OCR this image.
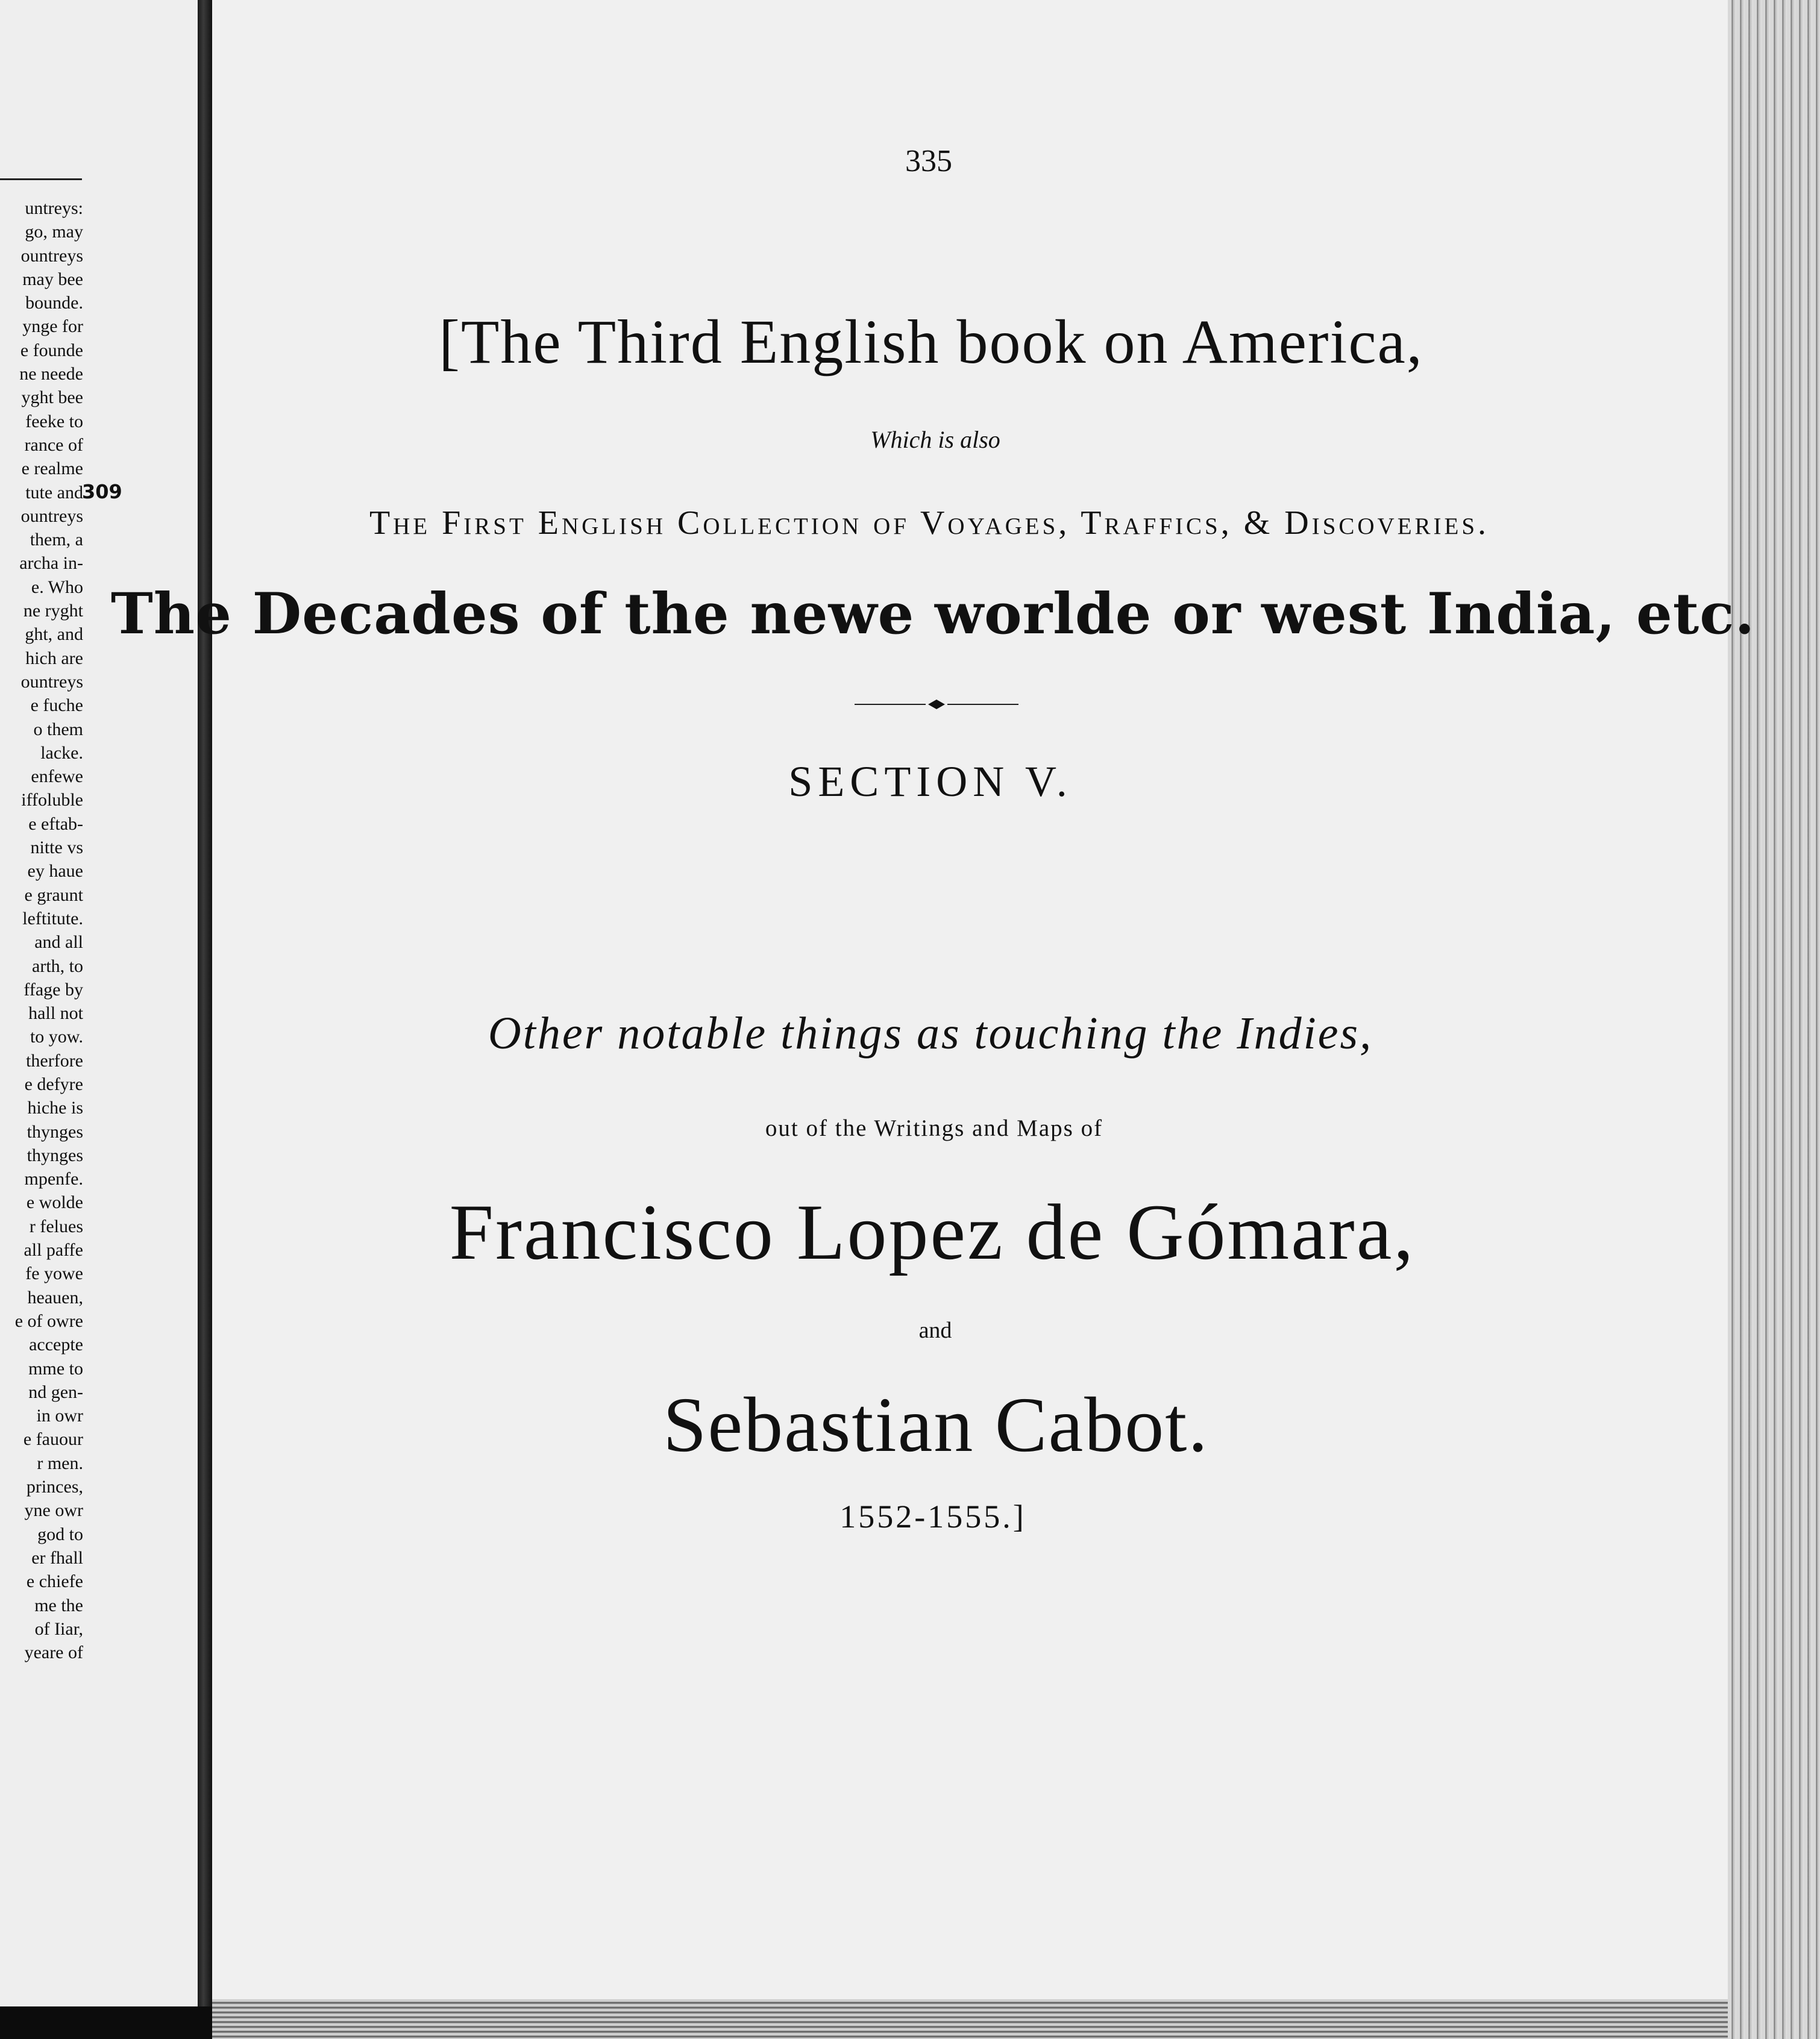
untreys:
go, may
ountreys
may bee
bounde.
ynge for
e founde
ne neede
yght bee
feeke to
rance of
e realme
tute and
ountreys
them, a
archa in-
e. Who
ne ryght
ght, and
hich are
ountreys
e fuche
o them
lacke.
enfewe
iffoluble
e eftab-
nitte vs
ey haue
e graunt
leftitute.
and all
arth, to
ffage by
hall not
to yow.
therfore
e defyre
hiche is
thynges
thynges
mpenfe.
e wolde
r felues
all paffe
fe yowe
heauen,
e of owre
accepte
mme to
nd gen-
in owr
e fauour
r men.
princes,
yne owr
god to
er fhall
e chiefe
me the
of Iiar,
yeare of
309
335
[The Third English book on America,
Which is also
The First English Collection of Voyages, Traffics, & Discoveries.
The Decades of the newe worlde or west India, etc.
SECTION V.
Other notable things as touching the Indies,
out of the Writings and Maps of
Francisco Lopez de Gómara,
and
Sebastian Cabot.
1552-1555.]
